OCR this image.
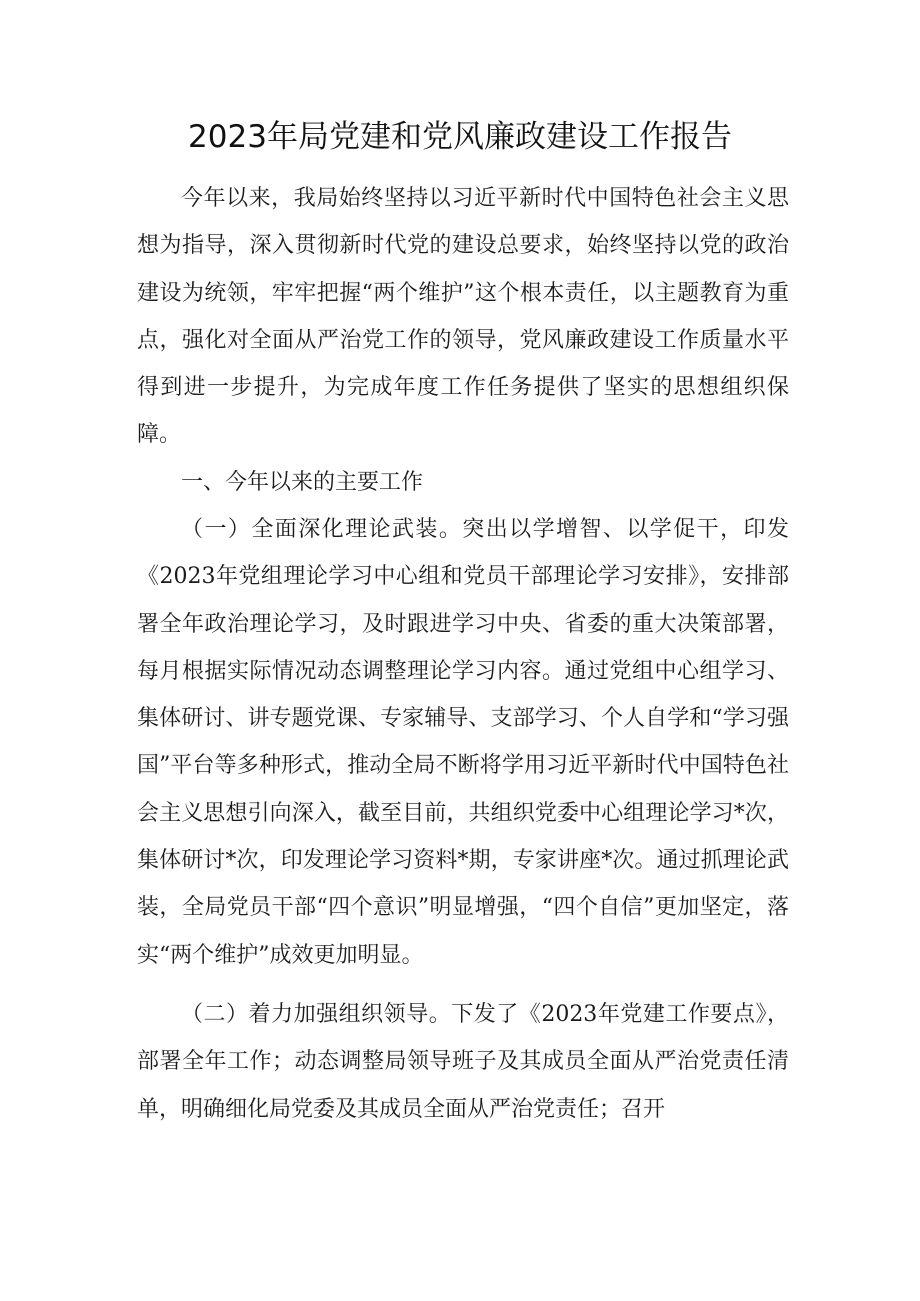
2023年局党建和党风廉政建设工作报告

今年以来，我局始终坚持以习近平新时代中国特色社会主义思想为指导，深入贯彻新时代党的建设总要求，始终坚持以党的政治建设为统领，牢牢把握“两个维护”这个根本责任，以主题教育为重点，强化对全面从严治党工作的领导，党风廉政建设工作质量水平得到进一步提升，为完成年度工作任务提供了坚实的思想组织保障。

一、今年以来的主要工作

（一）全面深化理论武装。突出以学增智、以学促干，印发《2023年党组理论学习中心组和党员干部理论学习安排》，安排部署全年政治理论学习，及时跟进学习中央、省委的重大决策部署，每月根据实际情况动态调整理论学习内容。通过党组中心组学习、集体研讨、讲专题党课、专家辅导、支部学习、个人自学和“学习强国”平台等多种形式，推动全局不断将学用习近平新时代中国特色社会主义思想引向深入，截至目前，共组织党委中心组理论学习*次，集体研讨*次，印发理论学习资料*期，专家讲座*次。通过抓理论武装，全局党员干部“四个意识”明显增强，“四个自信”更加坚定，落实“两个维护”成效更加明显。

（二）着力加强组织领导。下发了《2023年党建工作要点》，部署全年工作；动态调整局领导班子及其成员全面从严治党责任清单，明确细化局党委及其成员全面从严治党责任；召开
